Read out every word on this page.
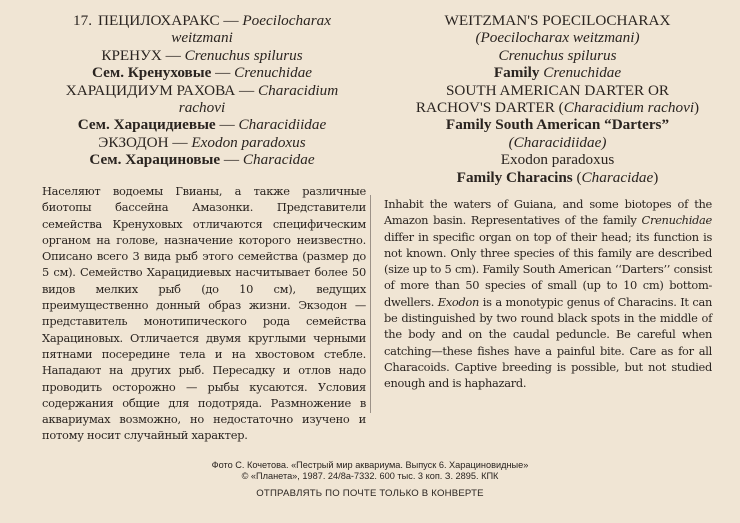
17. ПЕЦИЛОХАРАКС — Poecilocharax
weitzmani
КРЕНУХ — Crenuchus spilurus
Сем. Кренуховые — Crenuchidae
ХАРАЦИДИУМ РАХОВА — Characidium
rachovi
Сем. Харацидиевые — Characidiidae
ЭКЗОДОН — Exodon paradoxus
Сем. Харациновые — Characidae
WEITZMAN'S POECILOCHARAX
(Poecilocharax weitzmani)
Crenuchus spilurus
Family Crenuchidae
SOUTH AMERICAN DARTER OR
RACHOV'S DARTER (Characidium rachovi)
Family South American “Darters”
(Characidiidae)
Exodon paradoxus
Family Characins (Characidae)
Населяют водоемы Гвианы, а также различные биотопы бассейна Амазонки. Представители семейства Кренуховых отличаются специфическим органом на голове, назначение которого неизвестно. Описано всего 3 вида рыб этого семейства (размер до 5 см). Семейство Харацидиевых насчитывает более 50 видов мелких рыб (до 10 см), ведущих преимущественно донный образ жизни. Экзодон — представитель монотипического рода семейства Харациновых. Отличается двумя круглыми черными пятнами посередине тела и на хвостовом стебле. Нападают на других рыб. Пересадку и отлов надо проводить осторожно — рыбы кусаются. Условия содержания общие для подотряда. Размножение в аквариумах возможно, но недостаточно изучено и потому носит случайный характер.
Inhabit the waters of Guiana, and some biotopes of the Amazon basin. Representatives of the family Crenuchidae differ in specific organ on top of their head; its function is not known. Only three species of this family are described (size up to 5 cm). Family South American ‘‘Darters’’ consist of more than 50 species of small (up to 10 cm) bottom-dwellers. Exodon is a monotypic genus of Characins. It can be distinguished by two round black spots in the middle of the body and on the caudal peduncle. Be careful when catching—these fishes have a painful bite. Care as for all Characoids. Captive breeding is possible, but not studied enough and is haphazard.
Фото С. Кочетова. «Пестрый мир аквариума. Выпуск 6. Харациновидные»
© «Планета», 1987. 24/8а-7332. 600 тыс. 3 коп. З. 2895. КПК
ОТПРАВЛЯТЬ ПО ПОЧТЕ ТОЛЬКО В КОНВЕРТЕ
